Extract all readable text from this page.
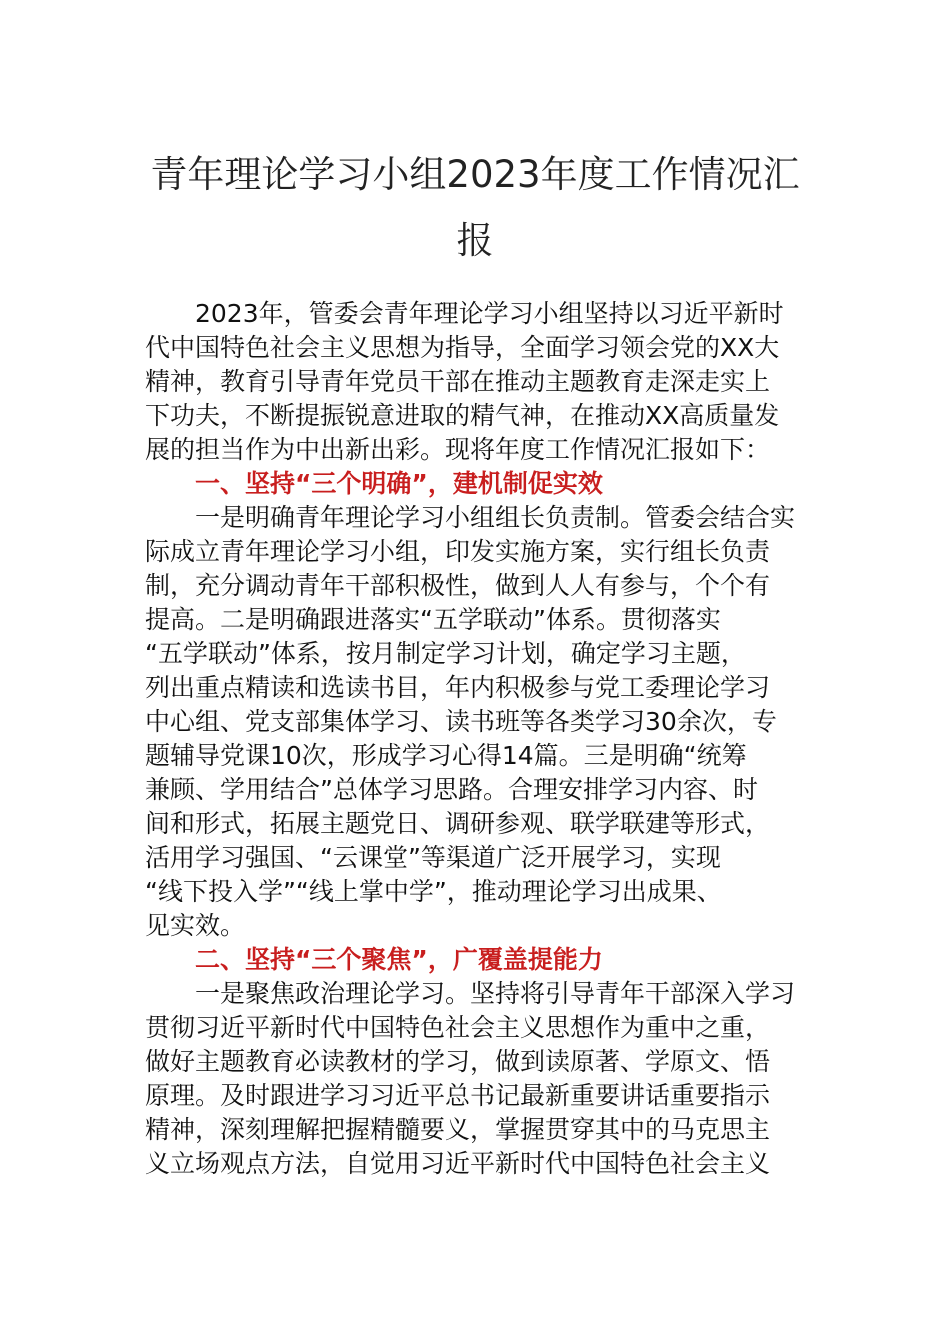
青年理论学习小组2023年度工作情况汇
报
　　2023年，管委会青年理论学习小组坚持以习近平新时
代中国特色社会主义思想为指导，全面学习领会党的XX大
精神，教育引导青年党员干部在推动主题教育走深走实上
下功夫，不断提振锐意进取的精气神，在推动XX高质量发
展的担当作为中出新出彩。现将年度工作情况汇报如下：
　　一、坚持“三个明确”，建机制促实效
　　一是明确青年理论学习小组组长负责制。管委会结合实
际成立青年理论学习小组，印发实施方案，实行组长负责
制，充分调动青年干部积极性，做到人人有参与，个个有
提高。二是明确跟进落实“五学联动”体系。贯彻落实
“五学联动”体系，按月制定学习计划，确定学习主题，
列出重点精读和选读书目，年内积极参与党工委理论学习
中心组、党支部集体学习、读书班等各类学习30余次，专
题辅导党课10次，形成学习心得14篇。三是明确“统筹
兼顾、学用结合”总体学习思路。合理安排学习内容、时
间和形式，拓展主题党日、调研参观、联学联建等形式，
活用学习强国、“云课堂”等渠道广泛开展学习，实现
“线下投入学”“线上掌中学”，推动理论学习出成果、
见实效。
　　二、坚持“三个聚焦”，广覆盖提能力
　　一是聚焦政治理论学习。坚持将引导青年干部深入学习
贯彻习近平新时代中国特色社会主义思想作为重中之重，
做好主题教育必读教材的学习，做到读原著、学原文、悟
原理。及时跟进学习习近平总书记最新重要讲话重要指示
精神，深刻理解把握精髓要义，掌握贯穿其中的马克思主
义立场观点方法，自觉用习近平新时代中国特色社会主义
